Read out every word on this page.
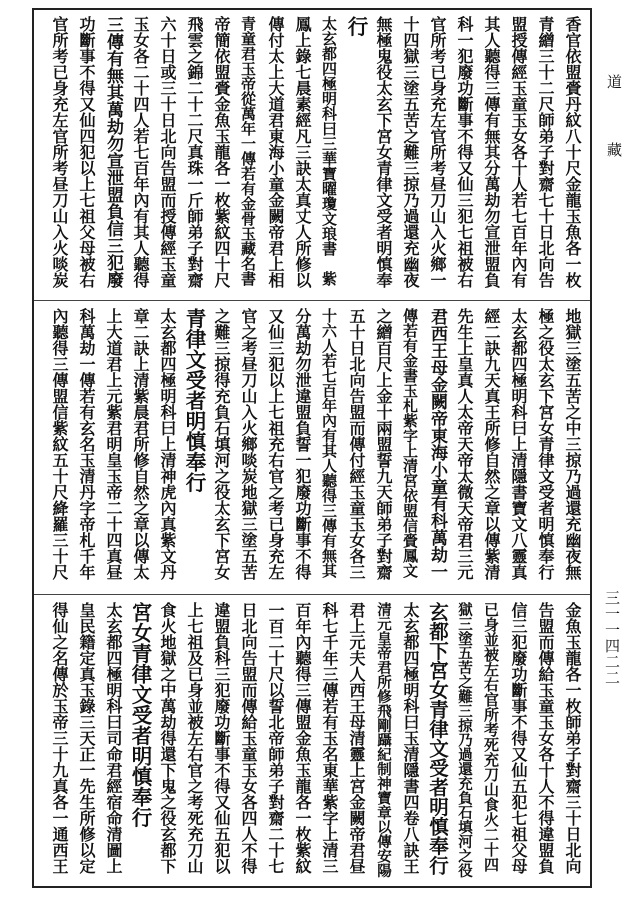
香官依盟賫丹紋八十尺金龍玉魚各一枚
青繒三十二尺師弟子對齋七十日北向告
盟授傳經玉童玉女各十人若七百年內有
其人聽得三傳有無其分萬劫勿宣泄盟負
科一犯廢功斷事不得又仙三犯七祖被右
官所考已身充左官所考昼刀山入火鄉一
十四獄三塗五苦之難三掠乃過還充幽夜
無極鬼役太玄下宮女青律文受者明慎奉
行
太玄都四極明科曰三華寶曜瓊文琅書　紫
鳳上錄七晨素經凡三訣太真丈人所修以
傳付太上大道君東海小童金闕帝君上相
青童君玉帝從萬年一傳若有金骨玉藏名書
帝簡依盟賫金魚玉龍各一枚紫紋四十尺
飛雲之錦二十二尺真珠一斤師弟子對齋
六十日或三十日北向告盟而授傳經玉童
玉女各二十四人若七百年內有其人聽得
三傳有無其萬劫勿宣泄盟負信三犯廢
功斷事不得又仙四犯以上七祖父母被右
官所考已身充左官所考昼刀山入火啖炭
地獄三塗五苦之中三掠乃過還充幽夜無
極之役太玄下宮女青律文受者明慎奉行
太玄都四極明科曰上清隱書寶文八靈真
經二訣九天真王所修自然之章以傳紫清
先生上皇真人太帝天帝太微天帝君三元
君西王母金闕帝東海小童有科萬劫一
傳若有金書玉札紫字上清宮依盟信賫鳳文
之繒百尺上金十兩盟誓九天師弟子對齋
五十日北向告盟而傳付經玉童玉女各三
十六人若七百年內有其人聽得三傳有無其
分萬劫勿泄違盟負誓一犯廢功斷事不得
又仙三犯以上七祖充右官之考已身充左
官之考昼刀山入火鄉啖炭地獄三塗五苦
之難三掠得充負石填河之役太玄下宮女
青律文受者明慎奉行
太玄都四極明科曰上清神虎內真紫文丹
章二訣上清紫晨君所修自然之章以傳太
上大道君上元紫君明皇玉帝二十四真昼
科萬劫一傳若有玄名玉清丹字帝札千年
內聽得三傳盟信紫紋五十尺絳羅三十尺
金魚玉龍各一枚師弟子對齋三十日北向
告盟而傳給玉童玉女各十人不得違盟負
信三犯廢功斷事不得又仙五犯七祖父母
已身並被左右官所考死充刀山食火二十四
獄三塗五苦之難三掠乃過還充負石填河之役
玄都下宮女青律文受者明慎奉行
太玄都四極明科曰玉清隱書四卷八訣王
清元皇帝君所修飛剛躡紀制神寶章以傳安陽
君上元夫人西王母清靈上宮金闕帝君昼
科七千年三傳若有玉名東華紫字上清三
百年內聽得三傳盟金魚玉龍各一枚紫紋
一百二十尺以誓北帝師弟子對齋二十七
日北向告盟而傳給玉童玉女各四人不得
違盟負科三犯廢功斷事不得又仙五犯以
上七祖及已身並被左右官之考死充刀山
食火地獄之中萬劫得還下鬼之役玄都下
宮女青律文受者明慎奉行
太玄都四極明科曰司命君經宿命清圖上
皇民籍定真玉錄三天正一先生所修以定
得仙之名傳於玉帝三十九真各一通西王
道
藏
三一一四二二
